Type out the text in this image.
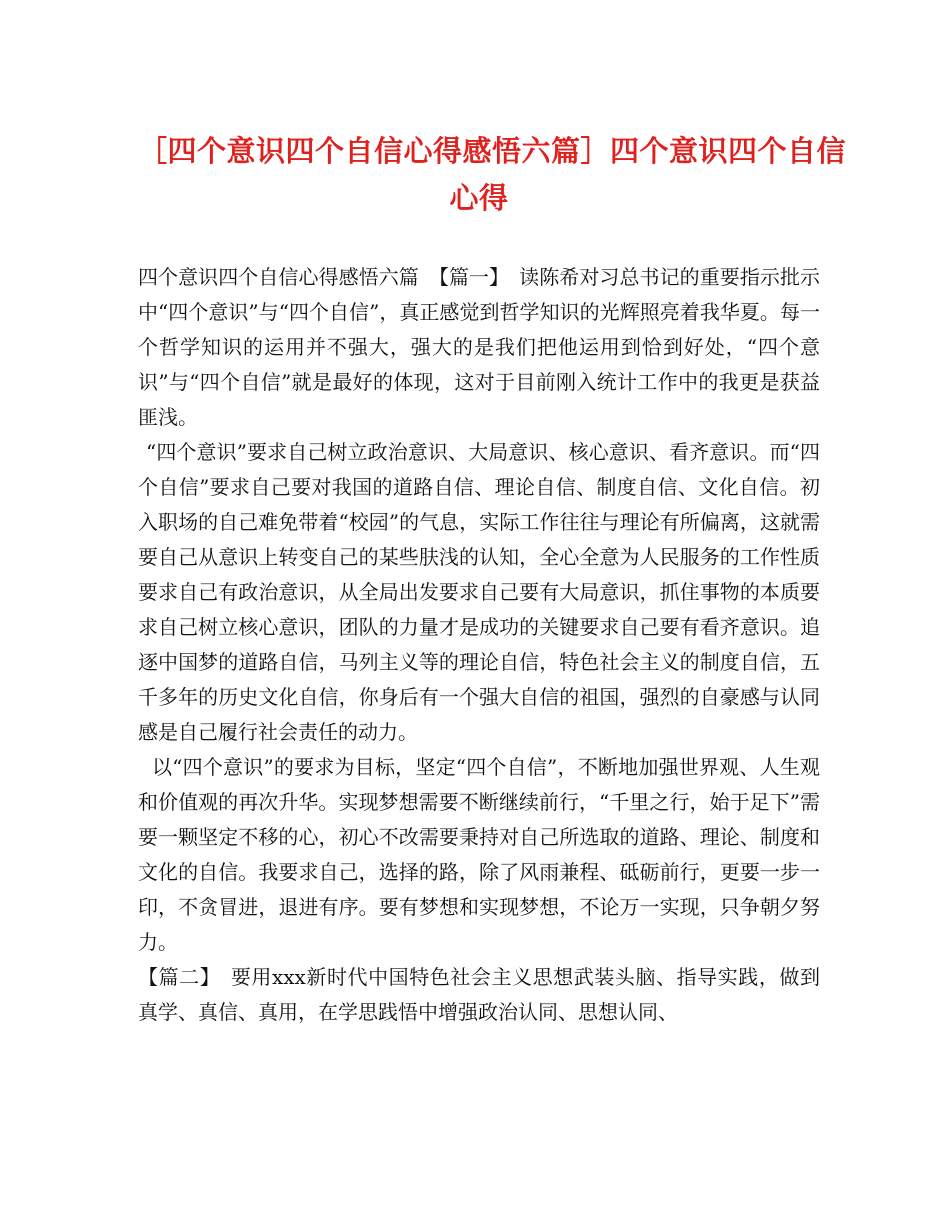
［四个意识四个自信心得感悟六篇］四个意识四个自信
心得

四个意识四个自信心得感悟六篇　【篇一】　读陈希对习总书记的重要指示批示中“四个意识”与“四个自信”，真正感觉到哲学知识的光辉照亮着我华夏。每一个哲学知识的运用并不强大，强大的是我们把他运用到恰到好处，“四个意识”与“四个自信”就是最好的体现，这对于目前刚入统计工作中的我更是获益匪浅。

“四个意识”要求自己树立政治意识、大局意识、核心意识、看齐意识。而“四个自信”要求自己要对我国的道路自信、理论自信、制度自信、文化自信。初入职场的自己难免带着“校园”的气息，实际工作往往与理论有所偏离，这就需要自己从意识上转变自己的某些肤浅的认知，全心全意为人民服务的工作性质要求自己有政治意识，从全局出发要求自己要有大局意识，抓住事物的本质要求自己树立核心意识，团队的力量才是成功的关键要求自己要有看齐意识。追逐中国梦的道路自信，马列主义等的理论自信，特色社会主义的制度自信，五千多年的历史文化自信，你身后有一个强大自信的祖国，强烈的自豪感与认同感是自己履行社会责任的动力。

以“四个意识”的要求为目标，坚定“四个自信”，不断地加强世界观、人生观和价值观的再次升华。实现梦想需要不断继续前行，“千里之行，始于足下”需要一颗坚定不移的心，初心不改需要秉持对自己所选取的道路、理论、制度和文化的自信。我要求自己，选择的路，除了风雨兼程、砥砺前行，更要一步一印，不贪冒进，退进有序。要有梦想和实现梦想，不论万一实现，只争朝夕努力。

【篇二】　要用xxx新时代中国特色社会主义思想武装头脑、指导实践，做到真学、真信、真用，在学思践悟中增强政治认同、思想认同、
